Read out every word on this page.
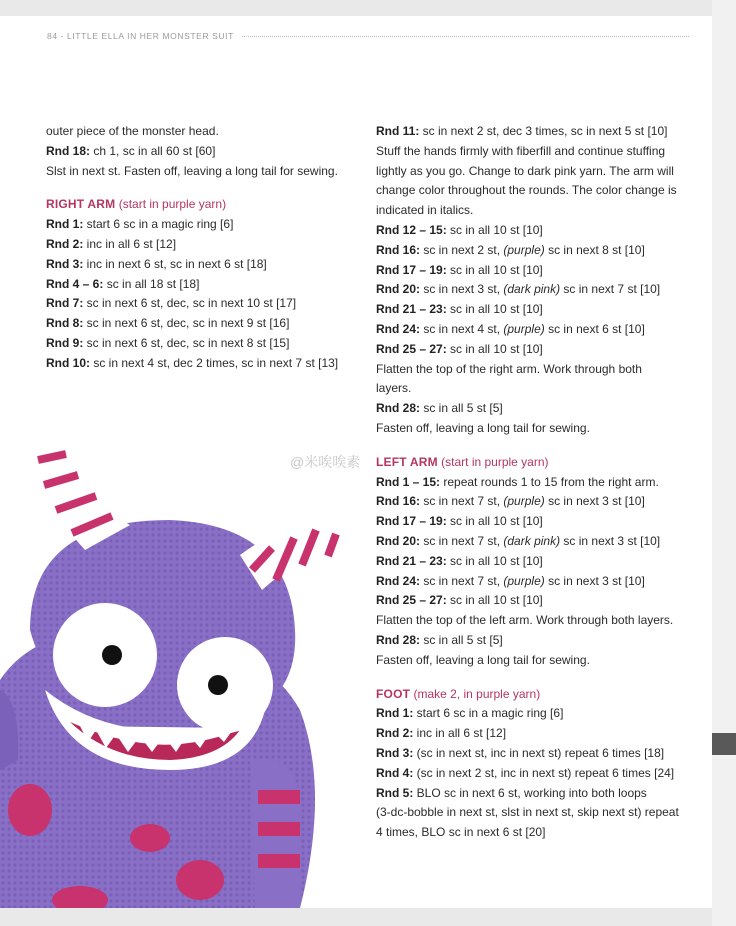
84 - LITTLE ELLA IN HER MONSTER SUIT
outer piece of the monster head.
Rnd 18: ch 1, sc in all 60 st [60]
Slst in next st. Fasten off, leaving a long tail for sewing.
RIGHT ARM (start in purple yarn)
Rnd 1: start 6 sc in a magic ring [6]
Rnd 2: inc in all 6 st [12]
Rnd 3: inc in next 6 st, sc in next 6 st [18]
Rnd 4 – 6: sc in all 18 st [18]
Rnd 7: sc in next 6 st, dec, sc in next 10 st [17]
Rnd 8: sc in next 6 st, dec, sc in next 9 st [16]
Rnd 9: sc in next 6 st, dec, sc in next 8 st [15]
Rnd 10: sc in next 4 st, dec 2 times, sc in next 7 st [13]
Rnd 11: sc in next 2 st, dec 3 times, sc in next 5 st [10]
Stuff the hands firmly with fiberfill and continue stuffing
lightly as you go. Change to dark pink yarn. The arm will
change color throughout the rounds. The color change is
indicated in italics.
Rnd 12 – 15: sc in all 10 st [10]
Rnd 16: sc in next 2 st, (purple) sc in next 8 st [10]
Rnd 17 – 19: sc in all 10 st [10]
Rnd 20: sc in next 3 st, (dark pink) sc in next 7 st [10]
Rnd 21 – 23: sc in all 10 st [10]
Rnd 24: sc in next 4 st, (purple) sc in next 6 st [10]
Rnd 25 – 27: sc in all 10 st [10]
Flatten the top of the right arm. Work through both
layers.
Rnd 28: sc in all 5 st [5]
Fasten off, leaving a long tail for sewing.
LEFT ARM (start in purple yarn)
Rnd 1 – 15: repeat rounds 1 to 15 from the right arm.
Rnd 16: sc in next 7 st, (purple) sc in next 3 st [10]
Rnd 17 – 19: sc in all 10 st [10]
Rnd 20: sc in next 7 st, (dark pink) sc in next 3 st [10]
Rnd 21 – 23: sc in all 10 st [10]
Rnd 24: sc in next 7 st, (purple) sc in next 3 st [10]
Rnd 25 – 27: sc in all 10 st [10]
Flatten the top of the left arm. Work through both layers.
Rnd 28: sc in all 5 st [5]
Fasten off, leaving a long tail for sewing.
FOOT (make 2, in purple yarn)
Rnd 1: start 6 sc in a magic ring [6]
Rnd 2: inc in all 6 st [12]
Rnd 3: (sc in next st, inc in next st) repeat 6 times [18]
Rnd 4: (sc in next 2 st, inc in next st) repeat 6 times [24]
Rnd 5: BLO sc in next 6 st, working into both loops
(3-dc-bobble in next st, slst in next st, skip next st) repeat
4 times, BLO sc in next 6 st [20]
@米唉唉素
